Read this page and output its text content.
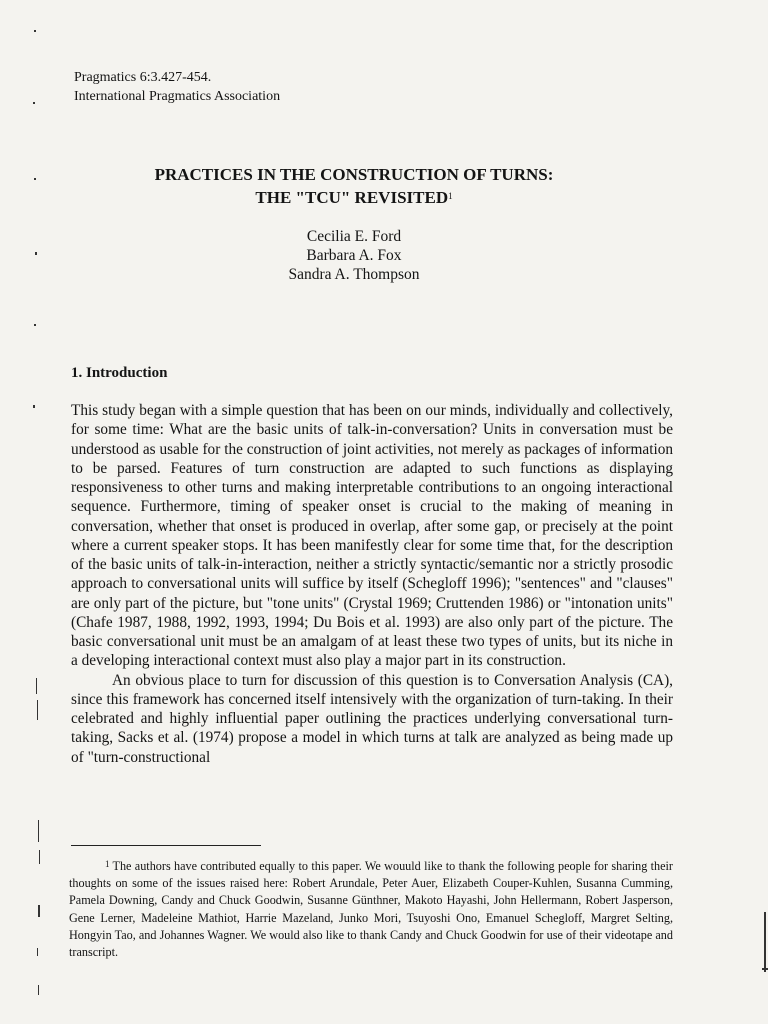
Pragmatics 6:3.427-454.
International Pragmatics Association
PRACTICES IN THE CONSTRUCTION OF TURNS:
THE "TCU" REVISITED$^1$
Cecilia E. Ford
Barbara A. Fox
Sandra A. Thompson
1. Introduction

This study began with a simple question that has been on our minds, individually and collectively, for some time: What are the basic units of talk-in-conversation? Units in conversation must be understood as usable for the construction of joint activities, not merely as packages of information to be parsed. Features of turn construction are adapted to such functions as displaying responsiveness to other turns and making interpretable contributions to an ongoing interactional sequence. Furthermore, timing of speaker onset is crucial to the making of meaning in conversation, whether that onset is produced in overlap, after some gap, or precisely at the point where a current speaker stops. It has been manifestly clear for some time that, for the description of the basic units of talk-in-interaction, neither a strictly syntactic/semantic nor a strictly prosodic approach to conversational units will suffice by itself (Schegloff 1996); "sentences" and "clauses" are only part of the picture, but "tone units" (Crystal 1969; Cruttenden 1986) or "intonation units" (Chafe 1987, 1988, 1992, 1993, 1994; Du Bois et al. 1993) are also only part of the picture. The basic conversational unit must be an amalgam of at least these two types of units, but its niche in a developing interactional context must also play a major part in its construction.

An obvious place to turn for discussion of this question is to Conversation Analysis (CA), since this framework has concerned itself intensively with the organization of turn-taking. In their celebrated and highly influential paper outlining the practices underlying conversational turn-taking, Sacks et al. (1974) propose a model in which turns at talk are analyzed as being made up of "turn-constructional

$^1$ The authors have contributed equally to this paper. We wouuld like to thank the following people for sharing their thoughts on some of the issues raised here: Robert Arundale, Peter Auer, Elizabeth Couper-Kuhlen, Susanna Cumming, Pamela Downing, Candy and Chuck Goodwin, Susanne Günthner, Makoto Hayashi, John Hellermann, Robert Jasperson, Gene Lerner, Madeleine Mathiot, Harrie Mazeland, Junko Mori, Tsuyoshi Ono, Emanuel Schegloff, Margret Selting, Hongyin Tao, and Johannes Wagner. We would also like to thank Candy and Chuck Goodwin for use of their videotape and transcript.
